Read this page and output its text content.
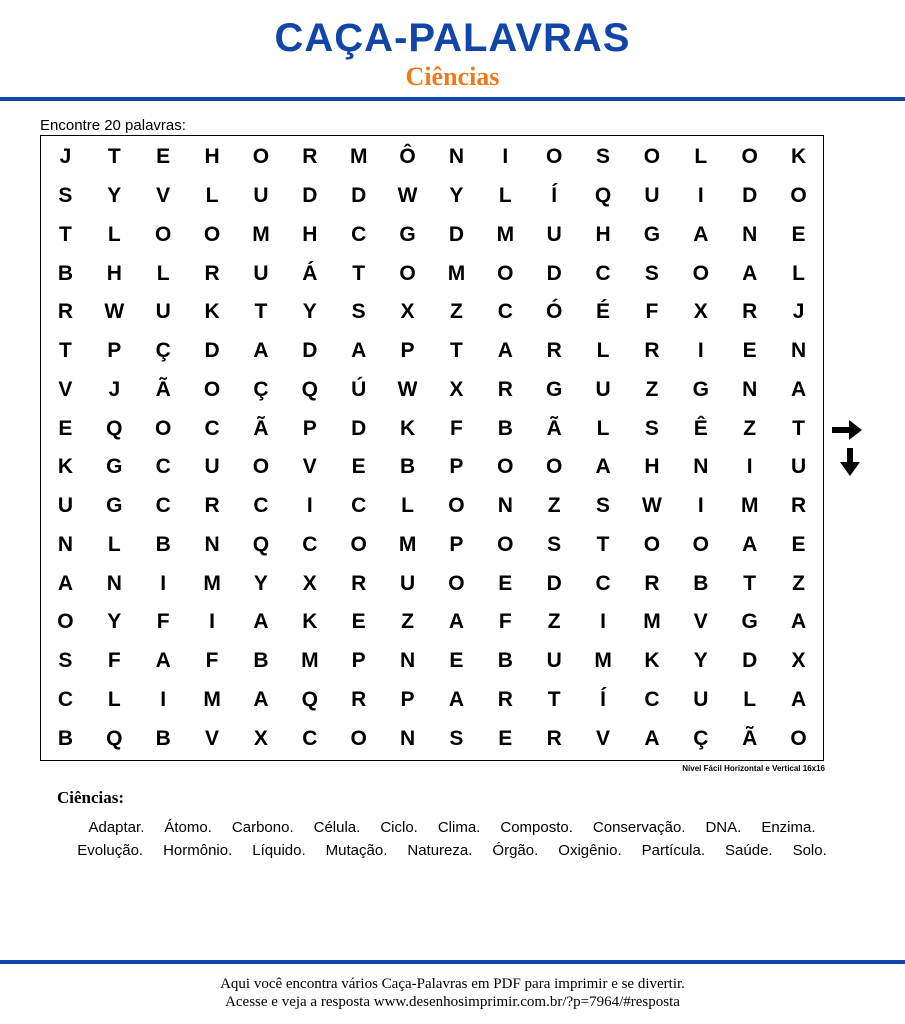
CAÇA-PALAVRAS
Ciências
Encontre 20 palavras:
J	T	E	H	O	R	M	Ô	N	I	O	S	O	L	O	K
S	Y	V	L	U	D	D	W	Y	L	Í	Q	U	I	D	O
T	L	O	O	M	H	C	G	D	M	U	H	G	A	N	E
B	H	L	R	U	Á	T	O	M	O	D	C	S	O	A	L
R	W	U	K	T	Y	S	X	Z	C	Ó	É	F	X	R	J
T	P	Ç	D	A	D	A	P	T	A	R	L	R	I	E	N
V	J	Ã	O	Ç	Q	Ú	W	X	R	G	U	Z	G	N	A
E	Q	O	C	Ã	P	D	K	F	B	Ã	L	S	Ê	Z	T
K	G	C	U	O	V	E	B	P	O	O	A	H	N	I	U
U	G	C	R	C	I	C	L	O	N	Z	S	W	I	M	R
N	L	B	N	Q	C	O	M	P	O	S	T	O	O	A	E
A	N	I	M	Y	X	R	U	O	E	D	C	R	B	T	Z
O	Y	F	I	A	K	E	Z	A	F	Z	I	M	V	G	A
S	F	A	F	B	M	P	N	E	B	U	M	K	Y	D	X
C	L	I	M	A	Q	R	P	A	R	T	Í	C	U	L	A
B	Q	B	V	X	C	O	N	S	E	R	V	A	Ç	Ã	O
Nível Fácil Horizontal e Vertical 16x16
Ciências:
Adaptar. Átomo. Carbono. Célula. Ciclo. Clima. Composto. Conservação. DNA. Enzima.Evolução. Hormônio. Líquido. Mutação. Natureza. Órgão. Oxigênio. Partícula. Saúde. Solo.
Aqui você encontra vários Caça-Palavras em PDF para imprimir e se divertir.
Acesse e veja a resposta www.desenhosimprimir.com.br/?p=7964/#resposta
